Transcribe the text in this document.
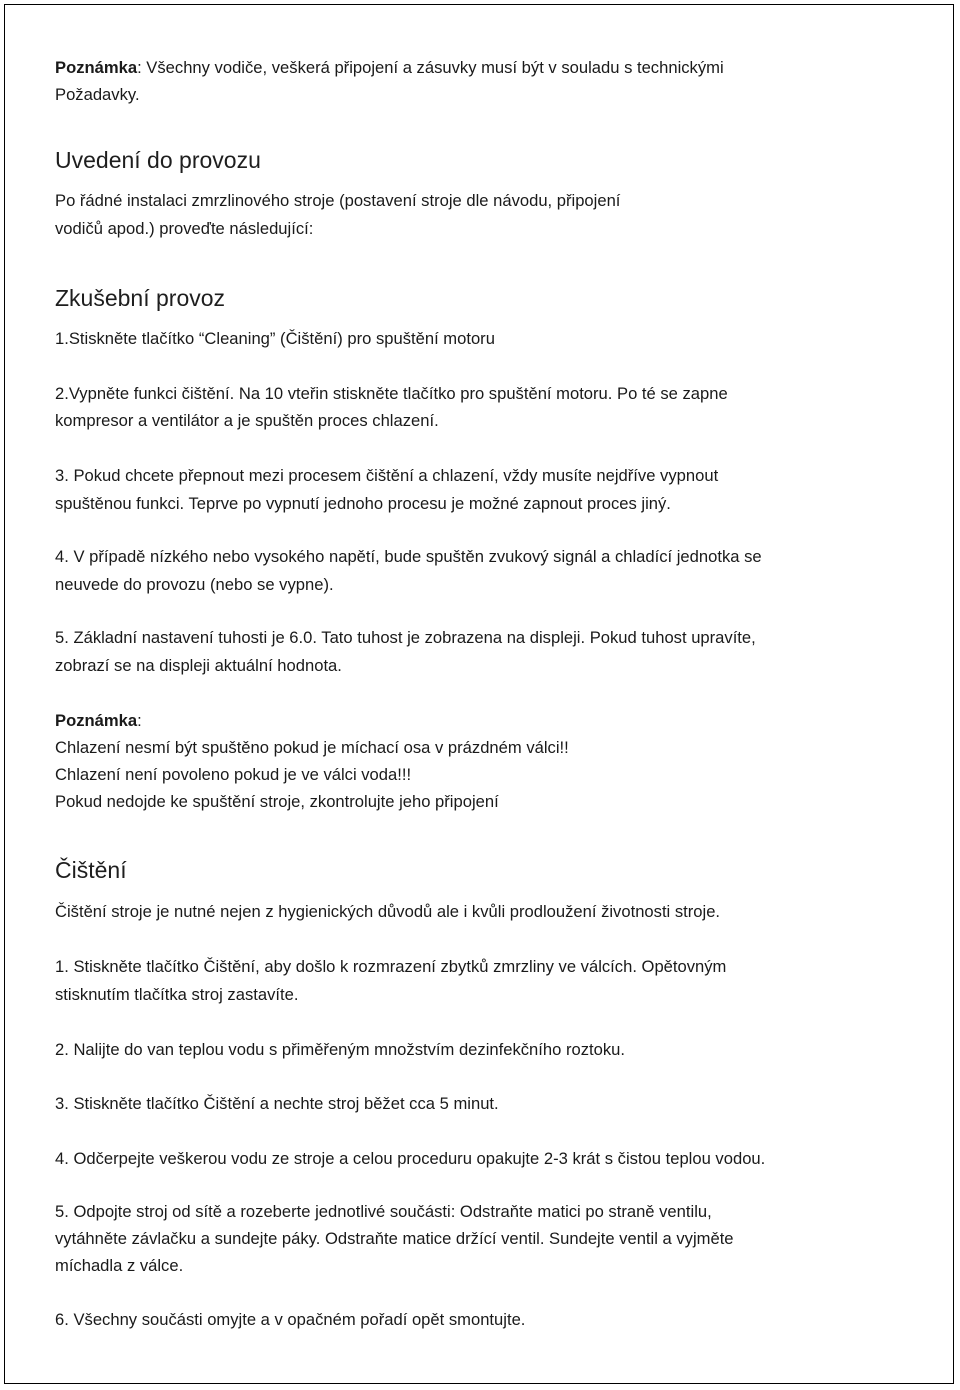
Poznámka: Všechny vodiče, veškerá připojení a zásuvky musí být v souladu s technickými
Požadavky.
Uvedení do provozu
Po řádné instalaci zmrzlinového stroje (postavení stroje dle návodu, připojení
vodičů apod.) proveďte následující:
Zkušební provoz
1.Stiskněte tlačítko “Cleaning” (Čištění) pro spuštění motoru
2.Vypněte funkci čištění. Na 10 vteřin stiskněte tlačítko pro spuštění motoru. Po té se zapne
kompresor a ventilátor a je spuštěn proces chlazení.
3. Pokud chcete přepnout mezi procesem čištění a chlazení, vždy musíte nejdříve vypnout
spuštěnou funkci. Teprve po vypnutí jednoho procesu je možné zapnout proces jiný.
4. V případě nízkého nebo vysokého napětí, bude spuštěn zvukový signál a chladící jednotka se
neuvede do provozu (nebo se vypne).
5. Základní nastavení tuhosti je 6.0. Tato tuhost je zobrazena na displeji. Pokud tuhost upravíte,
zobrazí se na displeji aktuální hodnota.
Poznámka:
Chlazení nesmí být spuštěno pokud je míchací osa v prázdném válci!!
Chlazení není povoleno pokud je ve válci voda!!!
Pokud nedojde ke spuštění stroje, zkontrolujte jeho připojení
Čištění
Čištění stroje je nutné nejen z hygienických důvodů ale i kvůli prodloužení životnosti stroje.
1. Stiskněte tlačítko Čištění, aby došlo k rozmrazení zbytků zmrzliny ve válcích. Opětovným
stisknutím tlačítka stroj zastavíte.
2. Nalijte do van teplou vodu s přiměřeným množstvím dezinfekčního roztoku.
3. Stiskněte tlačítko Čištění a nechte stroj běžet cca 5 minut.
4. Odčerpejte veškerou vodu ze stroje a celou proceduru opakujte 2-3 krát s čistou teplou vodou.
5. Odpojte stroj od sítě a rozeberte jednotlivé součásti: Odstraňte matici po straně ventilu,
vytáhněte závlačku a sundejte páky. Odstraňte matice držící ventil. Sundejte ventil a vyjměte
míchadla z válce.
6. Všechny součásti omyjte a v opačném pořadí opět smontujte.
